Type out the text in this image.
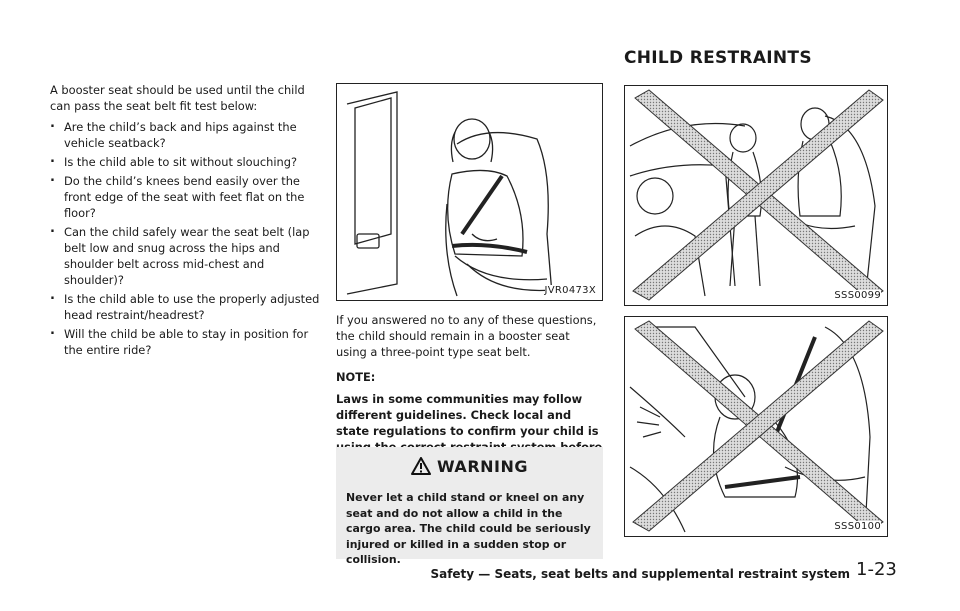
CHILD RESTRAINTS

A booster seat should be used until the child can pass the seat belt fit test below:

. Are the child’s back and hips against the vehicle seatback?
. Is the child able to sit without slouching?
. Do the child’s knees bend easily over the front edge of the seat with feet flat on the floor?
. Can the child safely wear the seat belt (lap belt low and snug across the hips and shoulder belt across mid-chest and shoulder)?
. Is the child able to use the properly adjusted head restraint/headrest?
. Will the child be able to stay in position for the entire ride?
JVR0473X	SSS0099
SSS0100

If you answered no to any of these questions, the child should remain in a booster seat using a three-point type seat belt.

NOTE:

Laws in some communities may follow different guidelines. Check local and state regulations to confirm your child is

WARNING

Never let a child stand or kneel on any seat and do not allow a child in the cargo area. The child could be seriously injured or killed in a sudden stop or collision.

Safety — Seats, seat belts and supplemental restraint system 1-23
